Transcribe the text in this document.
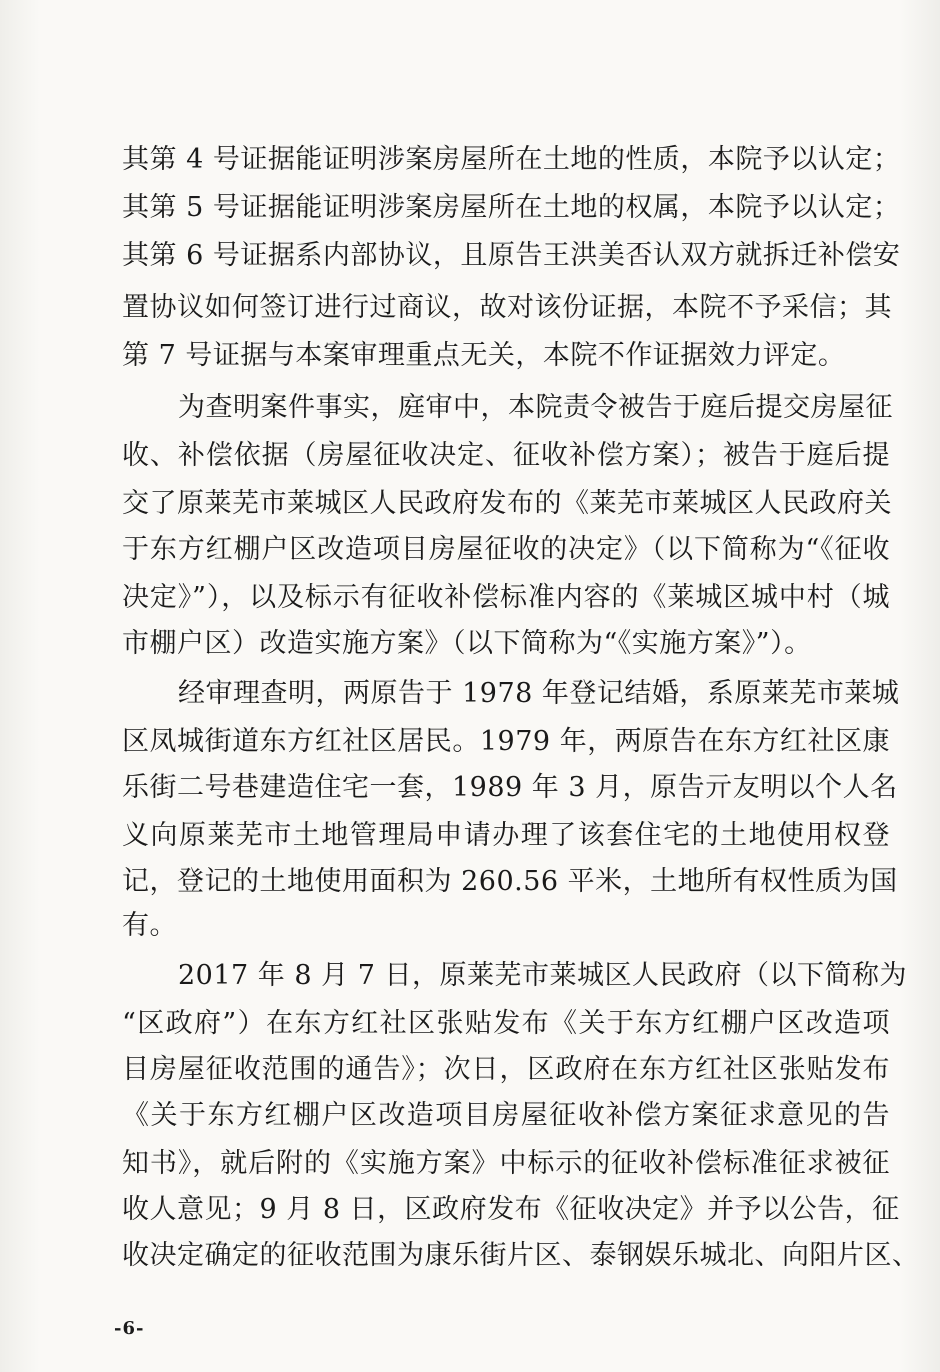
其第 4 号证据能证明涉案房屋所在土地的性质，本院予以认定；
其第 5 号证据能证明涉案房屋所在土地的权属，本院予以认定；
其第 6 号证据系内部协议，且原告王洪美否认双方就拆迁补偿安
置协议如何签订进行过商议，故对该份证据，本院不予采信；其
第 7 号证据与本案审理重点无关，本院不作证据效力评定。
为查明案件事实，庭审中，本院责令被告于庭后提交房屋征
收、补偿依据（房屋征收决定、征收补偿方案）；被告于庭后提
交了原莱芜市莱城区人民政府发布的《莱芜市莱城区人民政府关
于东方红棚户区改造项目房屋征收的决定》（以下简称为“《征收
决定》”），以及标示有征收补偿标准内容的《莱城区城中村（城
市棚户区）改造实施方案》（以下简称为“《实施方案》”）。
经审理查明，两原告于 1978 年登记结婚，系原莱芜市莱城
区凤城街道东方红社区居民。1979 年，两原告在东方红社区康
乐街二号巷建造住宅一套，1989 年 3 月，原告亓友明以个人名
义向原莱芜市土地管理局申请办理了该套住宅的土地使用权登
记，登记的土地使用面积为 260.56 平米，土地所有权性质为国
有。
2017 年 8 月 7 日，原莱芜市莱城区人民政府（以下简称为
“区政府”）在东方红社区张贴发布《关于东方红棚户区改造项
目房屋征收范围的通告》；次日，区政府在东方红社区张贴发布
《关于东方红棚户区改造项目房屋征收补偿方案征求意见的告
知书》，就后附的《实施方案》中标示的征收补偿标准征求被征
收人意见；9 月 8 日，区政府发布《征收决定》并予以公告，征
收决定确定的征收范围为康乐街片区、泰钢娱乐城北、向阳片区、
-6-
